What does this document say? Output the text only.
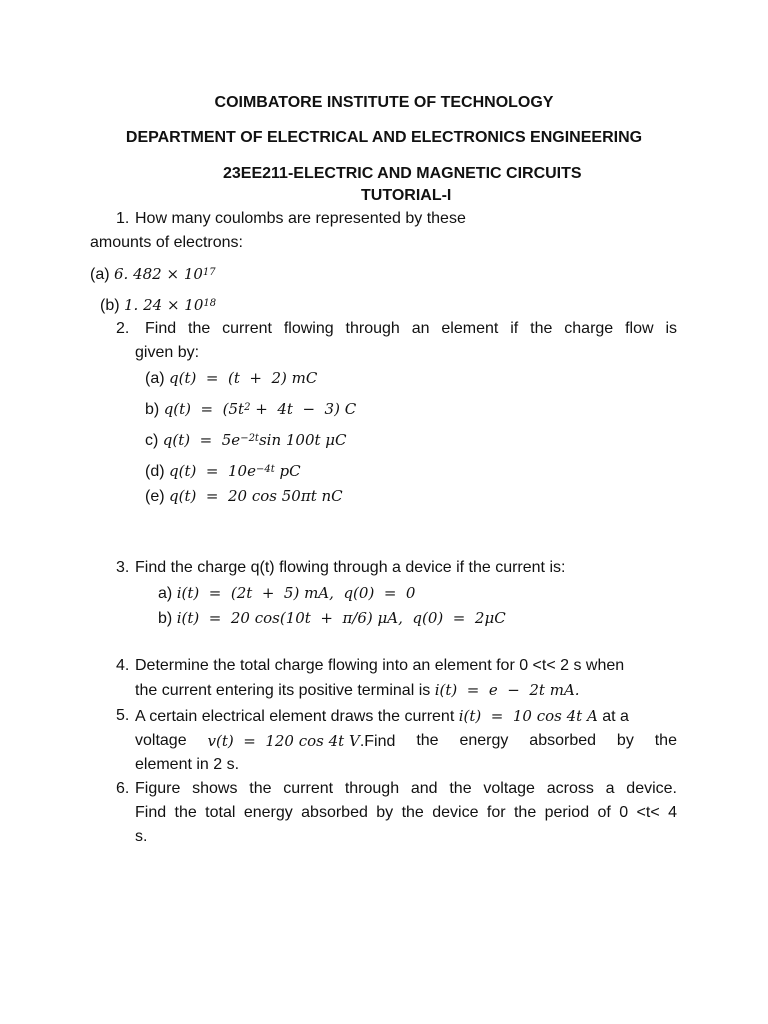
COIMBATORE INSTITUTE OF TECHNOLOGY
DEPARTMENT OF ELECTRICAL AND ELECTRONICS ENGINEERING
23EE211-ELECTRIC AND MAGNETIC CIRCUITS
TUTORIAL-I
1. How many coulombs are represented by these
amounts of electrons:
(a) 6. $482 \times 10^{17}$
(b) 1. $24 \times 10^{18}$
2. Find the current flowing through an element if the charge flow is
given by:
(a) q(t)  =  (t  +  2) mC
b) $q(t) = (5t^2 + 4t - 3)$ C
c) $q(t) = 5e^{-2t}\sin$ 100t μC
(d) $q(t) = 10e^{-4t}$ pC
(e) q(t)  =  20 cos 50πt nC
3. Find the charge q(t) flowing through a device if the current is:
a) i(t)  =  (2t  +  5) mA,  q(0)  =  0
b) i(t)  =  20 cos(10t  +  π/6) μA,  q(0)  =  2μC
4. Determine the total charge flowing into an element for 0 <t< 2 s when
the current entering its positive terminal is i(t)  =  e  −  2t mA.
5. A certain electrical element draws the current i(t)  =  10 cos 4t A at a
voltage v(t)  =  120 cos 4t V.Find the energy absorbed by the
element in 2 s.
6. Figure shows the current through and the voltage across a device.
Find the total energy absorbed by the device for the period of 0 <t< 4
s.
